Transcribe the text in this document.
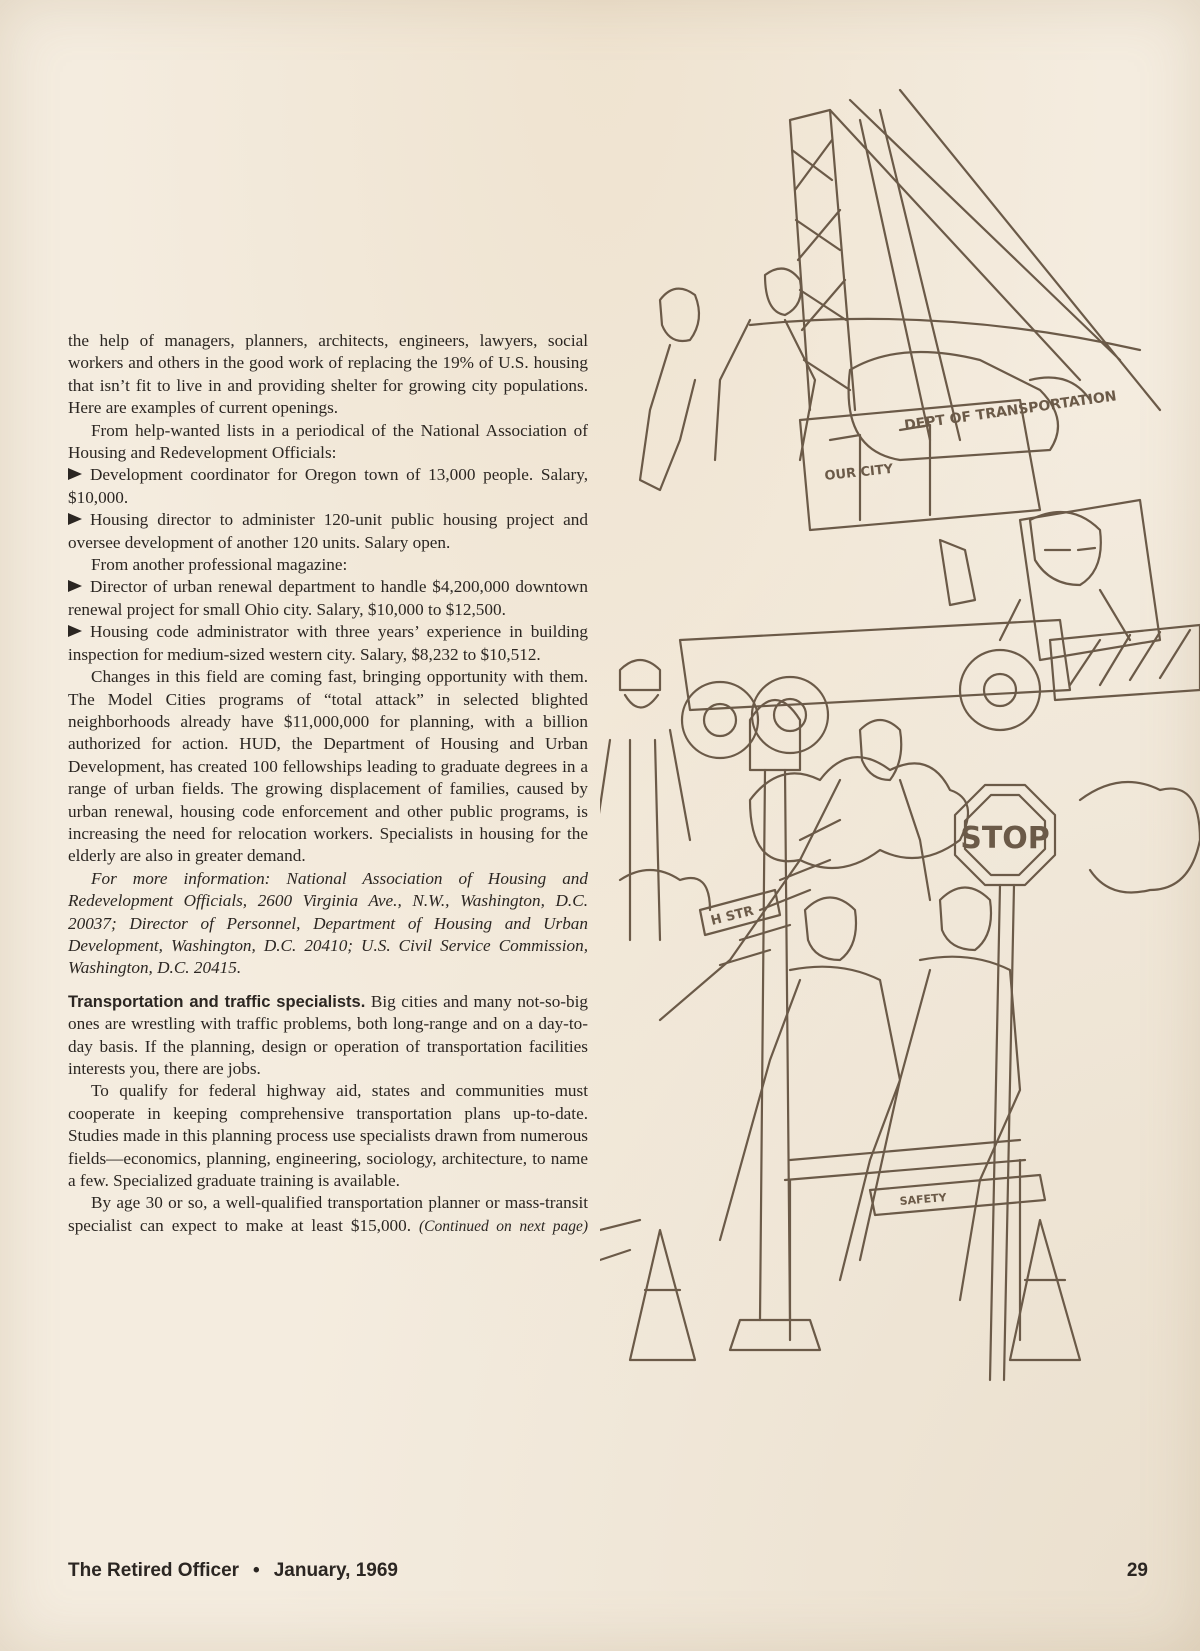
the help of managers, planners, architects, engineers, lawyers, social workers and others in the good work of replacing the 19% of U.S. housing that isn’t fit to live in and providing shelter for growing city populations. Here are examples of current openings.

From help-wanted lists in a periodical of the National Association of Housing and Redevelopment Officials:

Development coordinator for Oregon town of 13,000 people. Salary, $10,000.

Housing director to administer 120-unit public housing project and oversee development of another 120 units. Salary open.

From another professional magazine:

Director of urban renewal department to handle $4,200,000 downtown renewal project for small Ohio city. Salary, $10,000 to $12,500.

Housing code administrator with three years’ experience in building inspection for medium-sized western city. Salary, $8,232 to $10,512.

Changes in this field are coming fast, bringing opportunity with them. The Model Cities programs of “total attack” in selected blighted neighborhoods already have $11,000,000 for planning, with a billion authorized for action. HUD, the Department of Housing and Urban Development, has created 100 fellowships leading to graduate degrees in a range of urban fields. The growing displacement of families, caused by urban renewal, housing code enforcement and other public programs, is increasing the need for relocation workers. Specialists in housing for the elderly are also in greater demand.

For more information: National Association of Housing and Redevelopment Officials, 2600 Virginia Ave., N.W., Washington, D.C. 20037; Director of Personnel, Department of Housing and Urban Development, Washington, D.C. 20410; U.S. Civil Service Commission, Washington, D.C. 20415.

Transportation and traffic specialists. Big cities and many not-so-big ones are wrestling with traffic problems, both long-range and on a day-to-day basis. If the planning, design or operation of transportation facilities interests you, there are jobs.

To qualify for federal highway aid, states and communities must cooperate in keeping comprehensive transportation plans up-to-date. Studies made in this planning process use specialists drawn from numerous fields—economics, planning, engineering, sociology, architecture, to name a few. Specialized graduate training is available.

By age 30 or so, a well-qualified transportation planner or mass-transit specialist can expect to make at least $15,000. (Continued on next page)

DEPT OF TRANSPORTATION
OUR CITY
STOP
H STR
SAFETY
The Retired Officer • January, 1969	29
